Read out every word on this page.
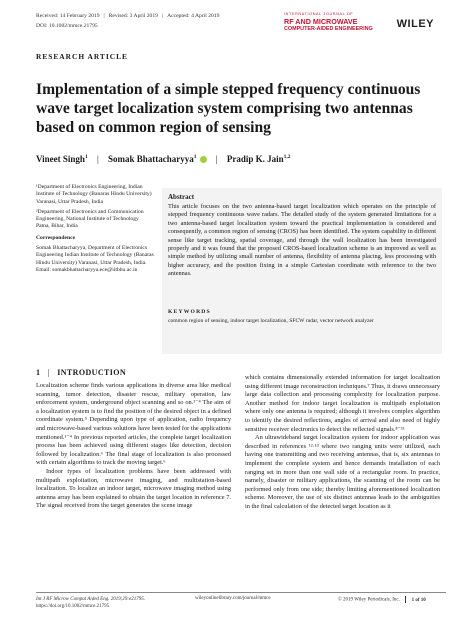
Received: 14 February 2019 | Revised: 3 April 2019 | Accepted: 4 April 2019
DOI: 10.1002/mmce.21795
INTERNATIONAL JOURNAL OF
RF AND MICROWAVE
COMPUTER-AIDED ENGINEERING WILEY
RESEARCH ARTICLE
Implementation of a simple stepped frequency continuous wave target localization system comprising two antennas based on common region of sensing
Vineet Singh$^1$ | Somak Bhattacharyya$^1$ | Pradip K. Jain$^{1,2}$

¹Department of Electronics Engineering, Indian Institute of Technology (Banaras Hindu University) Varanasi, Uttar Pradesh, India

²Department of Electronics and Communication Engineering, National Institute of Technology Patna, Bihar, India

Correspondence

Somak Bhattacharyya, Department of Electronics Engineering Indian Institute of Technology (Banaras Hindu University) Varanasi, Uttar Pradesh, India. Email: somakbhattacharyya.ece@iitbhu.ac.in

Abstract
This article focuses on the two antenna-based target localization which operates on the principle of stepped frequency continuous wave radars. The detailed study of the system generated limitations for a two antenna-based target localization system toward the practical implementation is considered and consequently, a common region of sensing (CROS) has been identified. The system capability in different sense like target tracking, spatial coverage, and through the wall localization has been investigated properly and it was found that the proposed CROS-based localization scheme is an improved as well as simple method by utilizing small number of antenna, flexibility of antenna placing, less processing with higher accuracy, and the position fixing in a simple Cartesian coordinate with reference to the two antennas.
KEYWORDS
common region of sensing, indoor target localization, SFCW radar, vector network analyzer
1 | INTRODUCTION

Localization scheme finds various applications in diverse area like medical scanning, tumor detection, disaster rescue, military operation, law enforcement system, underground object scanning and so on.¹⁻⁴ The aim of a localization system is to find the position of the desired object in a defined coordinate system.⁵ Depending upon type of application, radio frequency and microwave-based various solutions have been tested for the applications mentioned.¹⁻⁴ In previous reported articles, the complete target localization process has been achieved using different stages like detection, decision followed by localization.⁶ The final stage of localization is also processed with certain algorithms to track the moving target.⁶

Indoor types of localization problems have been addressed with multipath exploitation, microwave imaging, and multistation-based localization. To localize an indoor target, microwave imaging method using antenna array has been explained to obtain the target location in reference 7. The signal received from the target generates the scene image

which contains dimensionally extended information for target localization using different image reconstruction techniques.⁷ Thus, it draws unnecessary large data collection and processing complexity for localization purpose. Another method for indoor target localization is multipath exploitation where only one antenna is required; although it involves complex algorithm to identify the desired reflections, angles of arrival and also need of highly sensitive receiver electronics to detect the reflected signals.⁸⁻¹¹

An ultrawideband target localization system for indoor application was described in references ¹²·¹³ where two ranging units were utilized, each having one transmitting and two receiving antennas, that is, six antennas to implement the complete system and hence demands installation of each ranging set in more than one wall side of a rectangular room. In practice, namely, disaster or military applications, the scanning of the room can be performed only from one side; thereby limiting aforementioned localization scheme. Moreover, the use of six distinct antennas leads to the ambiguities in the final calculation of the detected target location as it

Int J RF Microw Comput Aided Eng. 2019;29:e21795.
https://doi.org/10.1002/mmce.21795
wileyonlinelibrary.com/journal/mmce	© 2019 Wiley Periodicals, Inc. 1 of 10
